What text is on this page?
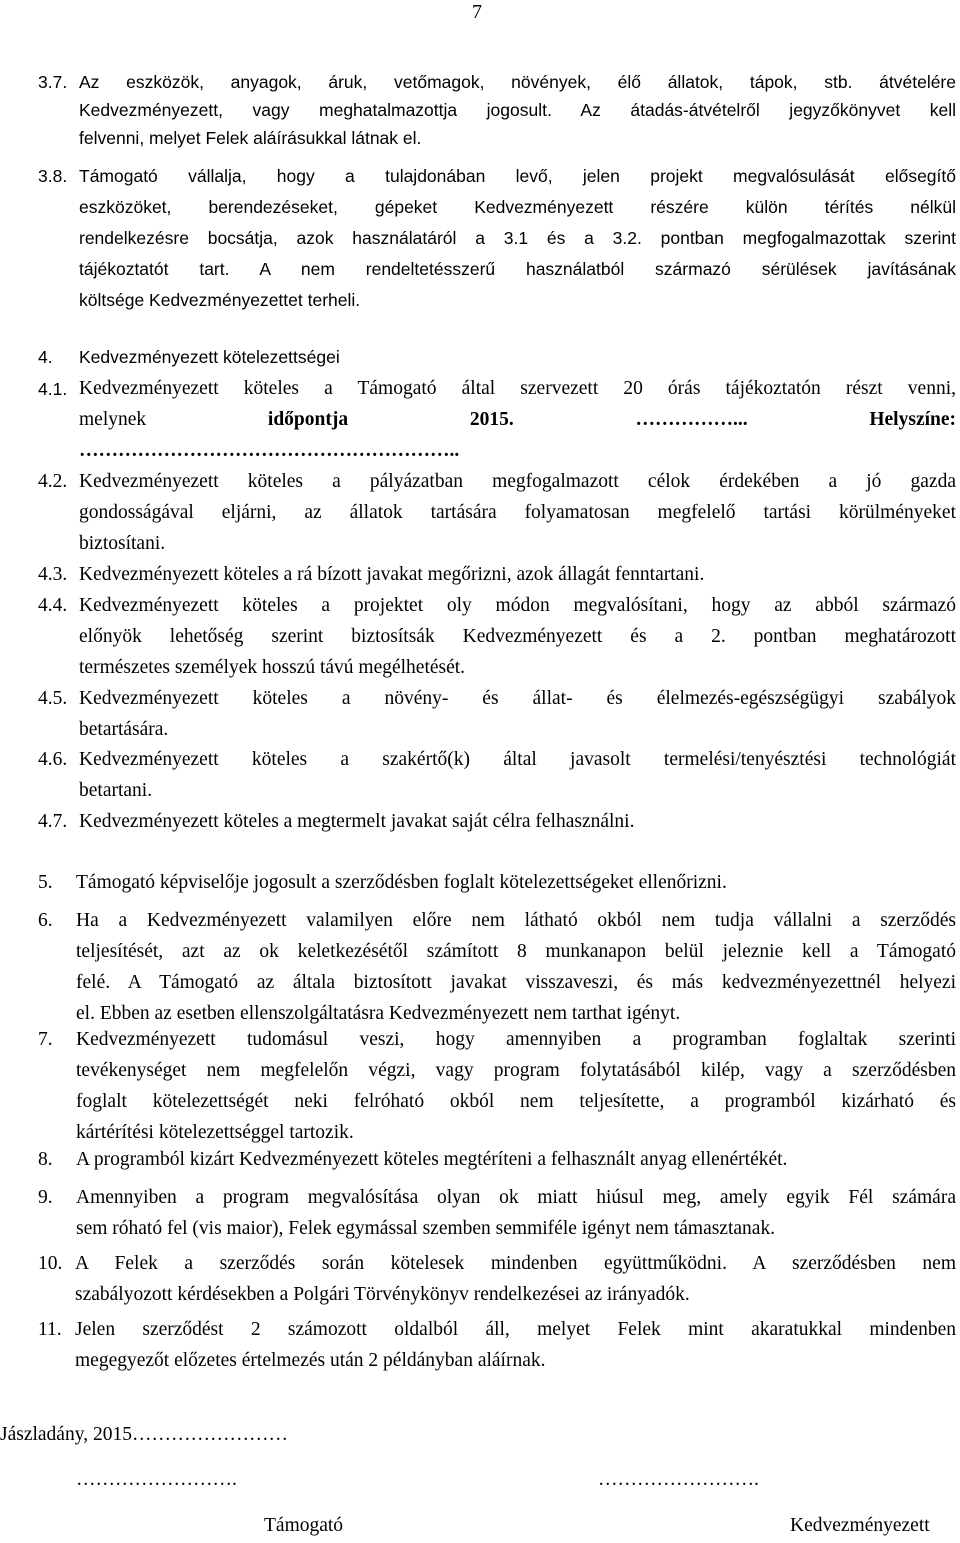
7
3.7. Az eszközök, anyagok, áruk, vetőmagok, növények, élő állatok, tápok, stb. átvételére
Kedvezményezett, vagy meghatalmazottja jogosult. Az átadás-átvételről jegyzőkönyvet kell
felvenni, melyet Felek aláírásukkal látnak el.
3.8. Támogató vállalja, hogy a tulajdonában levő, jelen projekt megvalósulását elősegítő
eszközöket, berendezéseket, gépeket Kedvezményezett részére külön térítés nélkül
rendelkezésre bocsátja, azok használatáról a 3.1 és a 3.2. pontban megfogalmazottak szerint
tájékoztatót tart. A nem rendeltetésszerű használatból származó sérülések javításának
költsége Kedvezményezettet terheli.
4.	Kedvezményezett kötelezettségei
4.1. Kedvezményezett köteles a Támogató által szervezett 20 órás tájékoztatón részt venni,
melynek	időpontja	2015.	……………...	Helyszíne:
…………………………………………………..
4.2. Kedvezményezett köteles a pályázatban megfogalmazott célok érdekében a jó gazda
gondosságával eljárni, az állatok tartására folyamatosan megfelelő tartási körülményeket
biztosítani.
4.3. Kedvezményezett köteles a rá bízott javakat megőrizni, azok állagát fenntartani.
4.4. Kedvezményezett köteles a projektet oly módon megvalósítani, hogy az abból származó
előnyök lehetőség szerint biztosítsák Kedvezményezett és a 2. pontban meghatározott
természetes személyek hosszú távú megélhetését.
4.5. Kedvezményezett köteles a növény- és állat- és élelmezés-egészségügyi szabályok
betartására.
4.6. Kedvezményezett köteles a szakértő(k) által javasolt termelési/tenyésztési technológiát
betartani.
4.7. Kedvezményezett köteles a megtermelt javakat saját célra felhasználni.
5.	Támogató képviselője jogosult a szerződésben foglalt kötelezettségeket ellenőrizni.
6.	Ha a Kedvezményezett valamilyen előre nem látható okból nem tudja vállalni a szerződés
teljesítését, azt az ok keletkezésétől számított 8 munkanapon belül jeleznie kell a Támogató
felé. A Támogató az általa biztosított javakat visszaveszi, és más kedvezményezettnél helyezi
el. Ebben az esetben ellenszolgáltatásra Kedvezményezett nem tarthat igényt.
7.	Kedvezményezett tudomásul veszi, hogy amennyiben a programban foglaltak szerinti
tevékenységet nem megfelelőn végzi, vagy program folytatásából kilép, vagy a szerződésben
foglalt kötelezettségét neki felróható okból nem teljesítette, a programból kizárható és
kártérítési kötelezettséggel tartozik.
8.	A programból kizárt Kedvezményezett köteles megtéríteni a felhasznált anyag ellenértékét.
9.	Amennyiben a program megvalósítása olyan ok miatt hiúsul meg, amely egyik Fél számára
sem róható fel (vis maior), Felek egymással szemben semmiféle igényt nem támasztanak.
10. A Felek a szerződés során kötelesek mindenben együttműködni. A szerződésben nem
szabályozott kérdésekben a Polgári Törvénykönyv rendelkezései az irányadók.
11. Jelen szerződést 2 számozott oldalból áll, melyet Felek mint akaratukkal mindenben
megegyezőt előzetes értelmezés után 2 példányban aláírnak.
Jászladány, 2015……………………
…………………….	…………………….
Támogató	Kedvezményezett
